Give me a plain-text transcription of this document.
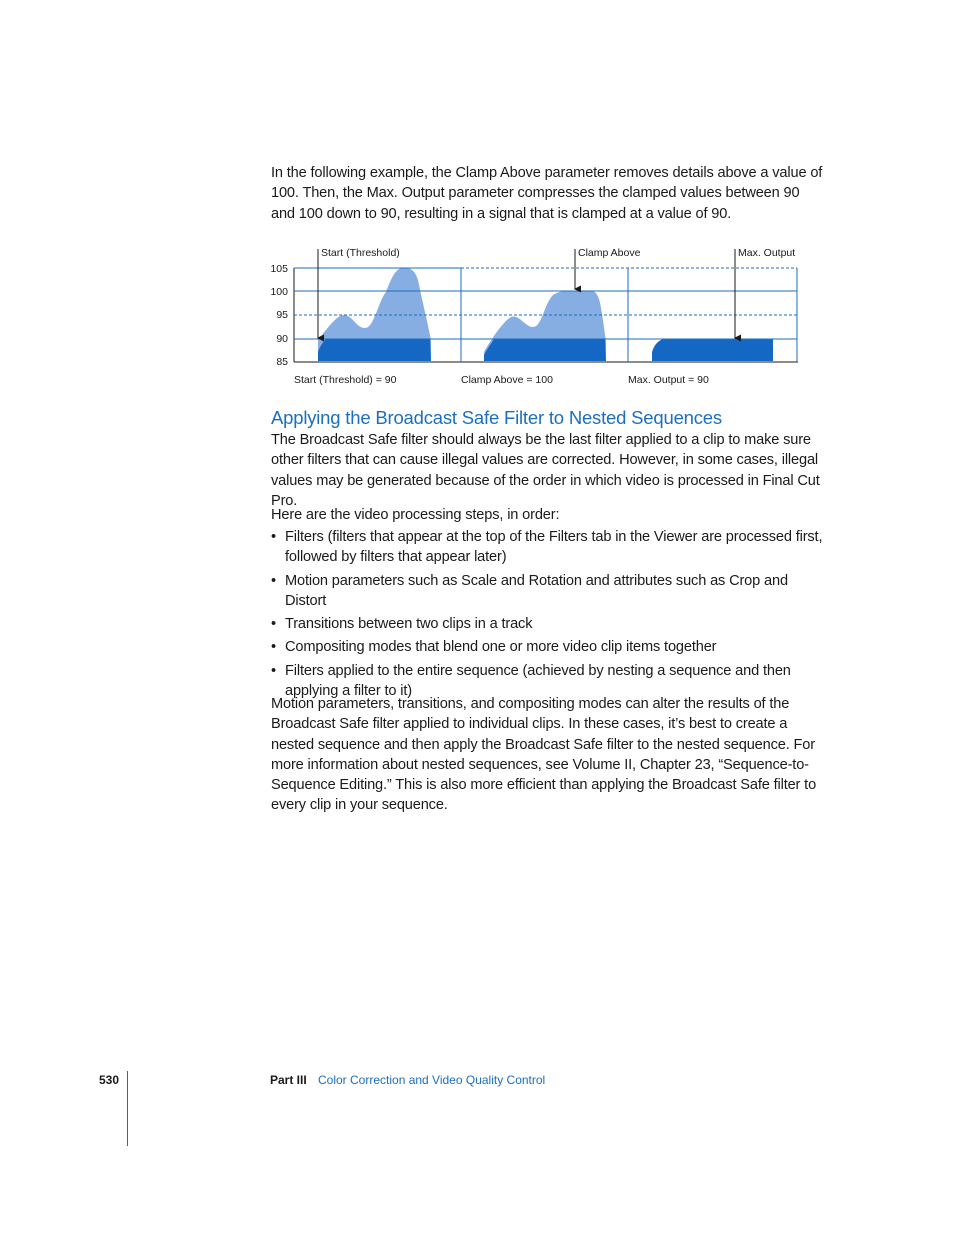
In the following example, the Clamp Above parameter removes details above a value of 100. Then, the Max. Output parameter compresses the clamped values between 90 and 100 down to 90, resulting in a signal that is clamped at a value of 90.

105
100
95
90
85
Start (Threshold)	Clamp Above	Max. Output
Start (Threshold) = 90	Clamp Above = 100	Max. Output = 90
Applying the Broadcast Safe Filter to Nested Sequences

The Broadcast Safe filter should always be the last filter applied to a clip to make sure other filters that can cause illegal values are corrected. However, in some cases, illegal values may be generated because of the order in which video is processed in Final Cut Pro.

Here are the video processing steps, in order:

• Filters (filters that appear at the top of the Filters tab in the Viewer are processed first, followed by filters that appear later)
• Motion parameters such as Scale and Rotation and attributes such as Crop and Distort
• Transitions between two clips in a track
• Compositing modes that blend one or more video clip items together
• Filters applied to the entire sequence (achieved by nesting a sequence and then applying a filter to it)

Motion parameters, transitions, and compositing modes can alter the results of the Broadcast Safe filter applied to individual clips. In these cases, it’s best to create a nested sequence and then apply the Broadcast Safe filter to the nested sequence. For more information about nested sequences, see Volume II, Chapter 23, “Sequence-to-Sequence Editing.” This is also more efficient than applying the Broadcast Safe filter to every clip in your sequence.

530	Part III Color Correction and Video Quality Control
